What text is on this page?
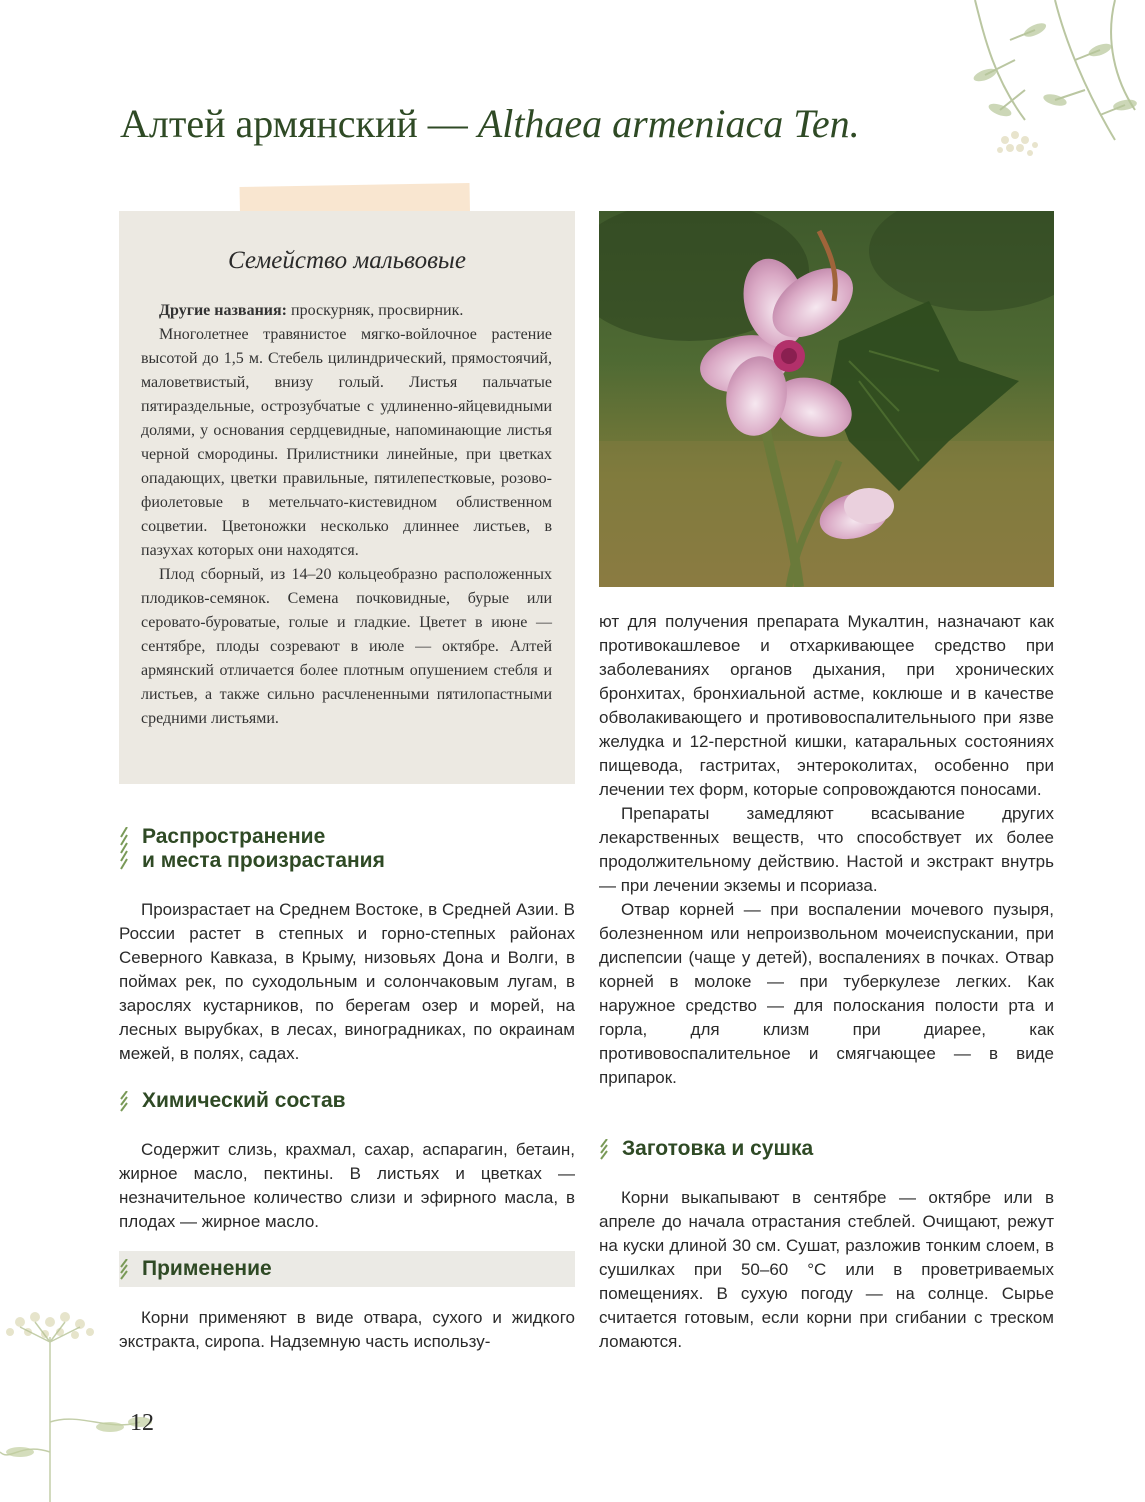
Алтей армянский — Althaea armeniaca Ten.
Семейство мальвовые

Другие названия: проскурняк, просвирник.

Многолетнее травянистое мягко-войлочное растение высотой до 1,5 м. Стебель цилиндрический, прямостоячий, маловетвистый, внизу голый. Листья пальчатые пятираздельные, острозубчатые с удлиненно-яйцевидными долями, у основания сердцевидные, напоминающие листья черной смородины. Прилистники линейные, при цветках опадающих, цветки правильные, пятилепестковые, розово-фиолетовые в метельчато-кистевидном облиственном соцветии. Цветоножки несколько длиннее листьев, в пазухах которых они находятся.

Плод сборный, из 14–20 кольцеобразно расположенных плодиков-семянок. Семена почковидные, бурые или серовато-буроватые, голые и гладкие. Цветет в июне — сентябре, плоды созревают в июле — октябре. Алтей армянский отличается более плотным опушением стебля и листьев, а также сильно расчлененными пятилопастными средними листьями.

Распространение
и места произрастания

Произрастает на Среднем Востоке, в Средней Азии. В России растет в степных и горно-степных районах Северного Кавказа, в Крыму, низовьях Дона и Волги, в поймах рек, по суходольным и солончаковым лугам, в зарослях кустарников, по берегам озер и морей, на лесных вырубках, в лесах, виноградниках, по окраинам межей, в полях, садах.

Химический состав

Содержит слизь, крахмал, сахар, аспарагин, бетаин, жирное масло, пектины. В листьях и цветках — незначительное количество слизи и эфирного масла, в плодах — жирное масло.

Применение

Корни применяют в виде отвара, сухого и жидкого экстракта, сиропа. Надземную часть использу-

ют для получения препарата Мукалтин, назначают как противокашлевое и отхаркивающее средство при заболеваниях органов дыхания, при хронических бронхитах, бронхиальной астме, коклюше и в качестве обволакивающего и противовоспалительныого при язве желудка и 12-перстной кишки, катаральных состояниях пищевода, гастритах, энтероколитах, особенно при лечении тех форм, которые сопровождаются поносами.

Препараты замедляют всасывание других лекарственных веществ, что способствует их более продолжительному действию. Настой и экстракт внутрь — при лечении экземы и псориаза.

Отвар корней — при воспалении мочевого пузыря, болезненном или непроизвольном мочеиспускании, при диспепсии (чаще у детей), воспалениях в почках. Отвар корней в молоке — при туберкулезе легких. Как наружное средство — для полоскания полости рта и горла, для клизм при диарее, как противовоспалительное и смягчающее — в виде припарок.

Заготовка и сушка

Корни выкапывают в сентябре — октябре или в апреле до начала отрастания стеблей. Очищают, режут на куски длиной 30 см. Сушат, разложив тонким слоем, в сушилках при 50–60 °C или в проветриваемых помещениях. В сухую погоду — на солнце. Сырье считается готовым, если корни при сгибании с треском ломаются.

12
